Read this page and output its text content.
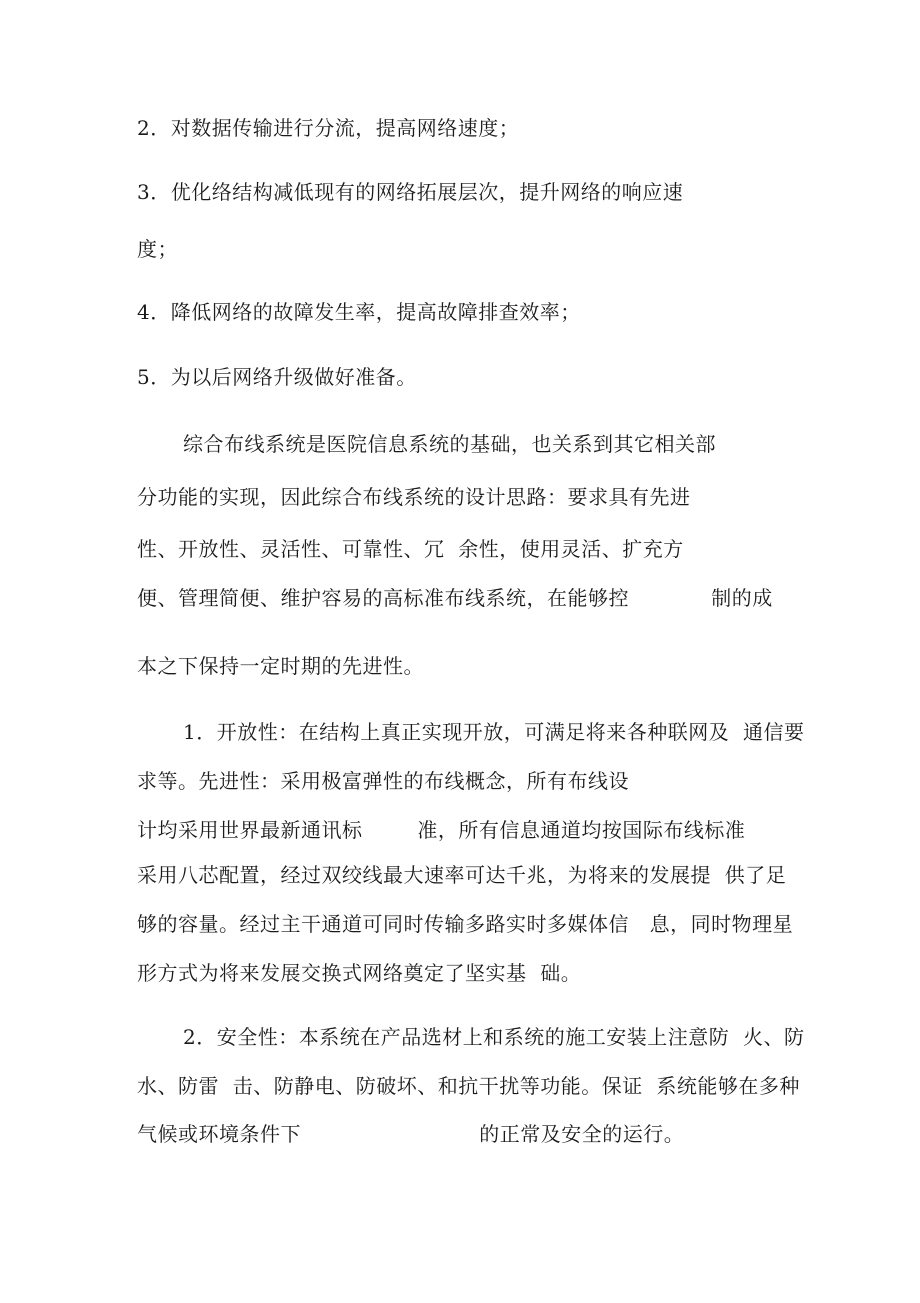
2．对数据传输进行分流，提高网络速度；
3．优化络结构减低现有的网络拓展层次，提升网络的响应速
度；
4．降低网络的故障发生率，提高故障排查效率；
5．为以后网络升级做好准备。
综合布线系统是医院信息系统的基础，也关系到其它相关部
分功能的实现，因此综合布线系统的设计思路：要求具有先进
性、开放性、灵活性、可靠性、冗  余性，使用灵活、扩充方
便、管理简便、维护容易的高标准布线系统，在能够控            制的成
本之下保持一定时期的先进性。
1．开放性：在结构上真正实现开放，可满足将来各种联网及  通信要
求等。先进性：采用极富弹性的布线概念，所有布线设
计均采用世界最新通讯标        准，所有信息通道均按国际布线标准
采用八芯配置，经过双绞线最大速率可达千兆，为将来的发展提  供了足
够的容量。经过主干通道可同时传输多路实时多媒体信   息，同时物理星
形方式为将来发展交换式网络奠定了坚实基  础。
2．安全性：本系统在产品选材上和系统的施工安装上注意防  火、防
水、防雷  击、防静电、防破坏、和抗干扰等功能。保证  系统能够在多种
气候或环境条件下                          的正常及安全的运行。
